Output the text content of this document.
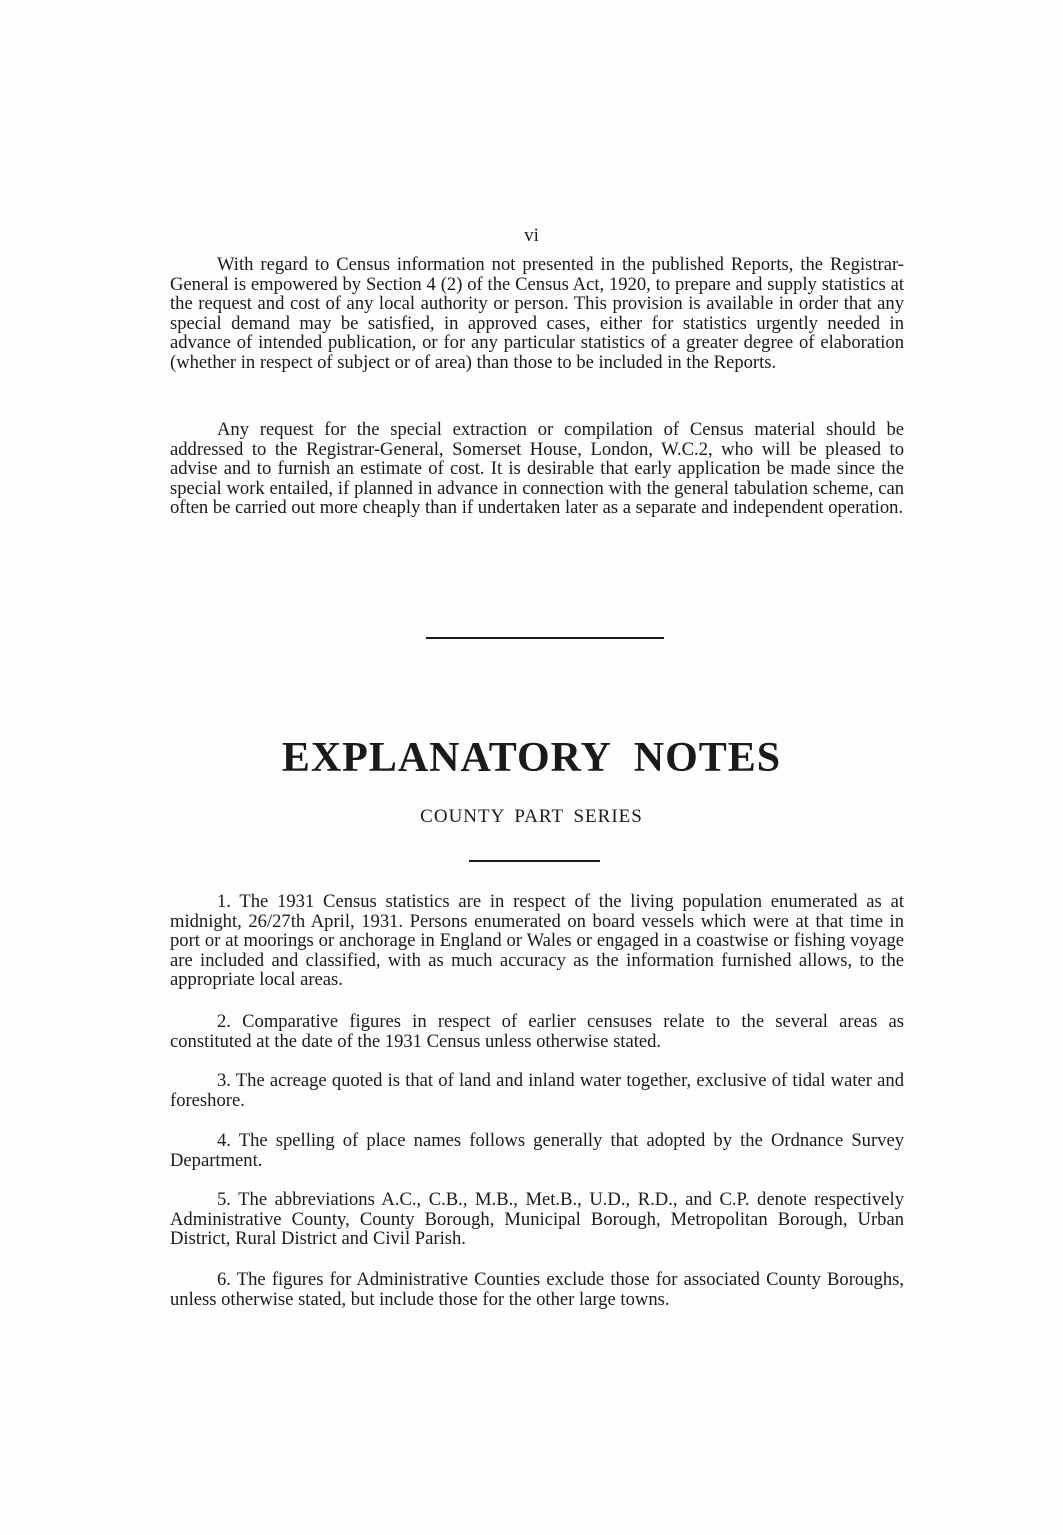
vi

With regard to Census information not presented in the published Reports, the Registrar-General is empowered by Section 4 (2) of the Census Act, 1920, to prepare and supply statistics at the request and cost of any local authority or person. This provision is available in order that any special demand may be satisfied, in approved cases, either for statistics urgently needed in advance of intended publication, or for any particular statistics of a greater degree of elaboration (whether in respect of subject or of area) than those to be included in the Reports.

Any request for the special extraction or compilation of Census material should be addressed to the Registrar-General, Somerset House, London, W.C.2, who will be pleased to advise and to furnish an estimate of cost. It is desirable that early application be made since the special work entailed, if planned in advance in connection with the general tabulation scheme, can often be carried out more cheaply than if undertaken later as a separate and independent operation.

EXPLANATORY NOTES
COUNTY PART SERIES

1. The 1931 Census statistics are in respect of the living population enumerated as at midnight, 26/27th April, 1931. Persons enumerated on board vessels which were at that time in port or at moorings or anchorage in England or Wales or engaged in a coastwise or fishing voyage are included and classified, with as much accuracy as the information furnished allows, to the appropriate local areas.

2. Comparative figures in respect of earlier censuses relate to the several areas as constituted at the date of the 1931 Census unless otherwise stated.

3. The acreage quoted is that of land and inland water together, exclusive of tidal water and foreshore.

4. The spelling of place names follows generally that adopted by the Ordnance Survey Department.

5. The abbreviations A.C., C.B., M.B., Met.B., U.D., R.D., and C.P. denote respectively Administrative County, County Borough, Municipal Borough, Metropolitan Borough, Urban District, Rural District and Civil Parish.

6. The figures for Administrative Counties exclude those for associated County Boroughs, unless otherwise stated, but include those for the other large towns.
